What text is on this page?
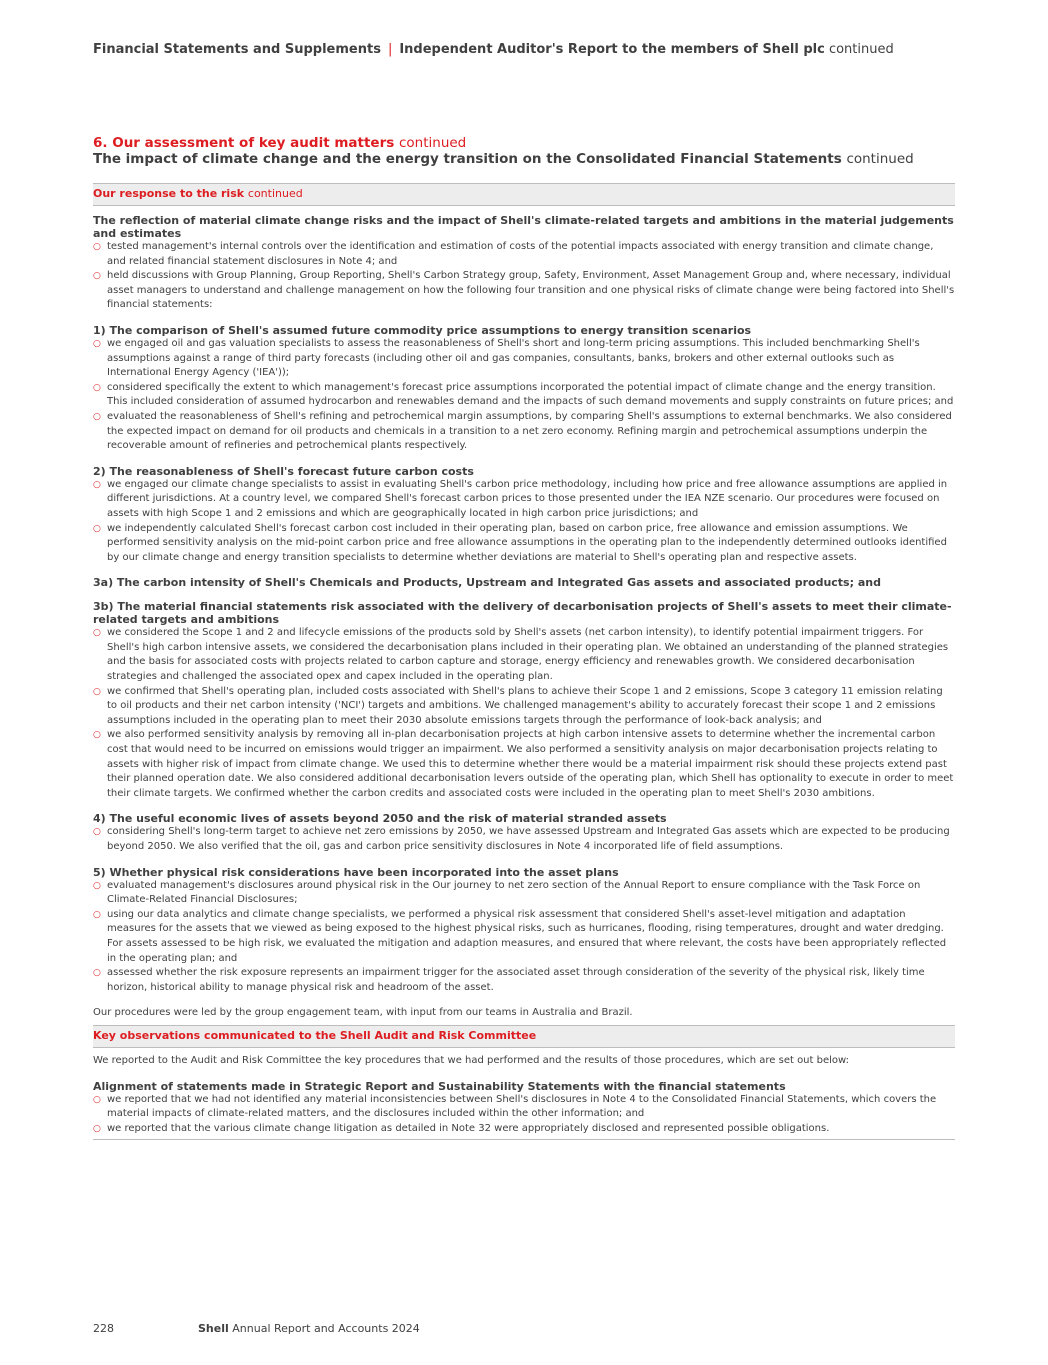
Financial Statements and Supplements | Independent Auditor's Report to the members of Shell plc continued
6. Our assessment of key audit matters continued
The impact of climate change and the energy transition on the Consolidated Financial Statements continued
Our response to the risk continued
The reflection of material climate change risks and the impact of Shell's climate-related targets and ambitions in the material judgements and estimates
○ tested management's internal controls over the identification and estimation of costs of the potential impacts associated with energy transition and climate change, and related financial statement disclosures in Note 4; and
○ held discussions with Group Planning, Group Reporting, Shell's Carbon Strategy group, Safety, Environment, Asset Management Group and, where necessary, individual asset managers to understand and challenge management on how the following four transition and one physical risks of climate change were being factored into Shell's financial statements:
1) The comparison of Shell's assumed future commodity price assumptions to energy transition scenarios
○ we engaged oil and gas valuation specialists to assess the reasonableness of Shell's short and long-term pricing assumptions. This included benchmarking Shell's assumptions against a range of third party forecasts (including other oil and gas companies, consultants, banks, brokers and other external outlooks such as International Energy Agency ('IEA'));
○ considered specifically the extent to which management's forecast price assumptions incorporated the potential impact of climate change and the energy transition. This included consideration of assumed hydrocarbon and renewables demand and the impacts of such demand movements and supply constraints on future prices; and
○ evaluated the reasonableness of Shell's refining and petrochemical margin assumptions, by comparing Shell's assumptions to external benchmarks. We also considered the expected impact on demand for oil products and chemicals in a transition to a net zero economy. Refining margin and petrochemical assumptions underpin the recoverable amount of refineries and petrochemical plants respectively.
2) The reasonableness of Shell's forecast future carbon costs
○ we engaged our climate change specialists to assist in evaluating Shell's carbon price methodology, including how price and free allowance assumptions are applied in different jurisdictions. At a country level, we compared Shell's forecast carbon prices to those presented under the IEA NZE scenario. Our procedures were focused on assets with high Scope 1 and 2 emissions and which are geographically located in high carbon price jurisdictions; and
○ we independently calculated Shell's forecast carbon cost included in their operating plan, based on carbon price, free allowance and emission assumptions. We performed sensitivity analysis on the mid-point carbon price and free allowance assumptions in the operating plan to the independently determined outlooks identified by our climate change and energy transition specialists to determine whether deviations are material to Shell's operating plan and respective assets.
3a) The carbon intensity of Shell's Chemicals and Products, Upstream and Integrated Gas assets and associated products; and
3b) The material financial statements risk associated with the delivery of decarbonisation projects of Shell's assets to meet their climate-related targets and ambitions
○ we considered the Scope 1 and 2 and lifecycle emissions of the products sold by Shell's assets (net carbon intensity), to identify potential impairment triggers. For Shell's high carbon intensive assets, we considered the decarbonisation plans included in their operating plan. We obtained an understanding of the planned strategies and the basis for associated costs with projects related to carbon capture and storage, energy efficiency and renewables growth. We considered decarbonisation strategies and challenged the associated opex and capex included in the operating plan.
○ we confirmed that Shell's operating plan, included costs associated with Shell's plans to achieve their Scope 1 and 2 emissions, Scope 3 category 11 emission relating to oil products and their net carbon intensity ('NCI') targets and ambitions. We challenged management's ability to accurately forecast their scope 1 and 2 emissions assumptions included in the operating plan to meet their 2030 absolute emissions targets through the performance of look-back analysis; and
○ we also performed sensitivity analysis by removing all in-plan decarbonisation projects at high carbon intensive assets to determine whether the incremental carbon cost that would need to be incurred on emissions would trigger an impairment. We also performed a sensitivity analysis on major decarbonisation projects relating to assets with higher risk of impact from climate change. We used this to determine whether there would be a material impairment risk should these projects extend past their planned operation date. We also considered additional decarbonisation levers outside of the operating plan, which Shell has optionality to execute in order to meet their climate targets. We confirmed whether the carbon credits and associated costs were included in the operating plan to meet Shell's 2030 ambitions.
4) The useful economic lives of assets beyond 2050 and the risk of material stranded assets
○ considering Shell's long-term target to achieve net zero emissions by 2050, we have assessed Upstream and Integrated Gas assets which are expected to be producing beyond 2050. We also verified that the oil, gas and carbon price sensitivity disclosures in Note 4 incorporated life of field assumptions.
5) Whether physical risk considerations have been incorporated into the asset plans
○ evaluated management's disclosures around physical risk in the Our journey to net zero section of the Annual Report to ensure compliance with the Task Force on Climate-Related Financial Disclosures;
○ using our data analytics and climate change specialists, we performed a physical risk assessment that considered Shell's asset-level mitigation and adaptation measures for the assets that we viewed as being exposed to the highest physical risks, such as hurricanes, flooding, rising temperatures, drought and water dredging. For assets assessed to be high risk, we evaluated the mitigation and adaption measures, and ensured that where relevant, the costs have been appropriately reflected in the operating plan; and
○ assessed whether the risk exposure represents an impairment trigger for the associated asset through consideration of the severity of the physical risk, likely time horizon, historical ability to manage physical risk and headroom of the asset.
Our procedures were led by the group engagement team, with input from our teams in Australia and Brazil.
Key observations communicated to the Shell Audit and Risk Committee
We reported to the Audit and Risk Committee the key procedures that we had performed and the results of those procedures, which are set out below:
Alignment of statements made in Strategic Report and Sustainability Statements with the financial statements
○ we reported that we had not identified any material inconsistencies between Shell's disclosures in Note 4 to the Consolidated Financial Statements, which covers the material impacts of climate-related matters, and the disclosures included within the other information; and
○ we reported that the various climate change litigation as detailed in Note 32 were appropriately disclosed and represented possible obligations.
228	Shell Annual Report and Accounts 2024
